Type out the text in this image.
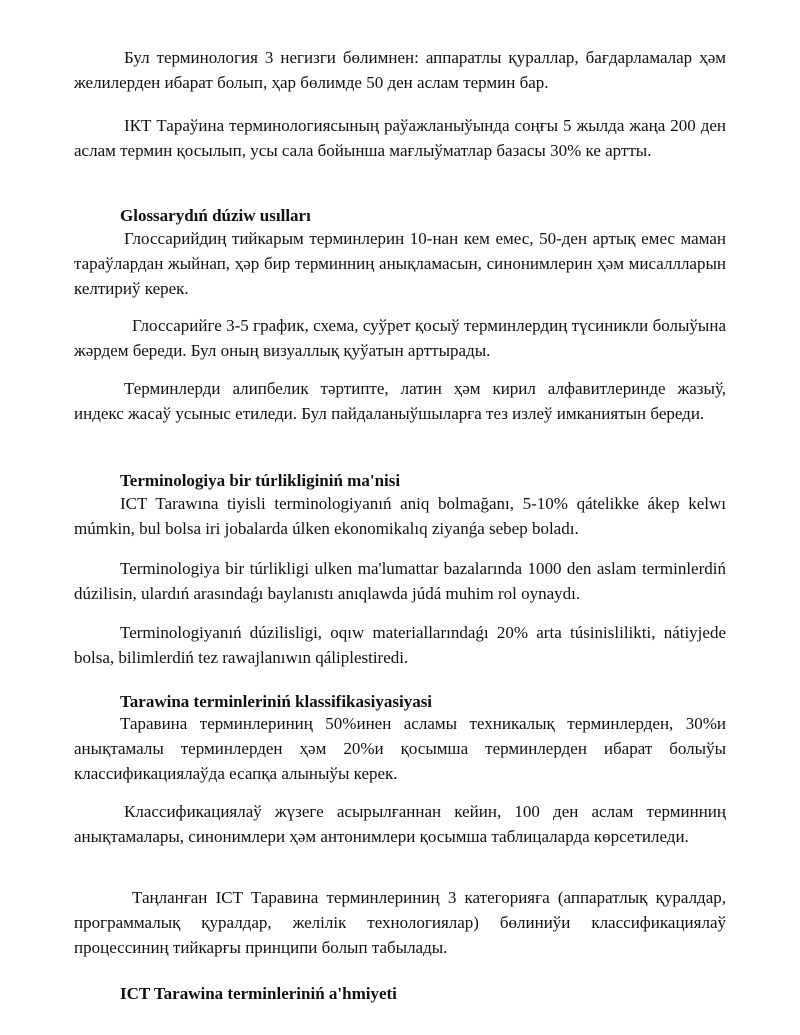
Бул терминология 3 негизги бөлимнен: аппаратлы қураллар, бағдарламалар ҳәм желилерден ибарат болып, ҳар бөлимде 50 ден аслам термин бар.

IКТ Тараўина терминологиясының раўажланыўында соңғы 5 жылда жаңа 200 ден аслам термин қосылып, усы сала бойынша мағлыўматлар базасы 30% ке артты.

Glossarydıń dúziw usılları

Глоссарийдиң тийкарым терминлерин 10-нан кем емес, 50-ден артық емес маман тараўлардан жыйнап, ҳәр бир терминниң анықламасын, синонимлерин ҳәм мисаллларын келтириў керек.

Глоссарийге 3-5 график, схема, суўрет қосыў терминлердиң түсиникли болыўына жәрдем береди. Бул оның визуаллық қуўатын арттырады.

Терминлерди алипбелик тәртипте, латин ҳәм кирил алфавитлеринде жазыў, индекс жасаў усыныс етиледи. Бул пайдаланыўшыларға тез излеў имканиятын береди.

Terminologiya bir túrlikliginiń ma'nisi

ICT Tarawına tiyisli terminologiyanıń aniq bolmağanı, 5-10% qátelikke ákep kelwı múmkin, bul bolsa iri jobalarda úlken ekonomikalıq ziyanǵa sebep boladı.

Terminologiya bir túrlikligi ulken ma'lumattar bazalarında 1000 den aslam terminlerdiń dúzilisin, ulardıń arasındaǵı baylanıstı anıqlawda júdá muhim rol oynaydı.

Terminologiyanıń dúzilisligi, oqıw materiallarındaǵı 20% arta túsinislilikti, nátiyjede bolsa, bilimlerdiń tez rawajlanıwın qáliplestiredi.

Tarawina terminleriniń klassifikasiyasiyasi

Таравина терминлериниң 50%инен асламы техникалық терминлерден, 30%и анықтамалы терминлерден ҳәм 20%и қосымша терминлерден ибарат болыўы классификациялаўда есапқа алыныўы керек.

Классификациялаў жүзеге асырылғаннан кейин, 100 ден аслам терминниң анықтамалары, синонимлери ҳәм антонимлери қосымша таблицаларда көрсетиледи.

Таңланған ICT Таравина терминлериниң 3 категорияға (аппаратлық қуралдар, программалық қуралдар, желiлiк технологиялар) бөлиниўи классификациялаў процессиниң тийкарғы принципи болып табылады.

ICT Tarawina terminleriniń a'hmiyeti
